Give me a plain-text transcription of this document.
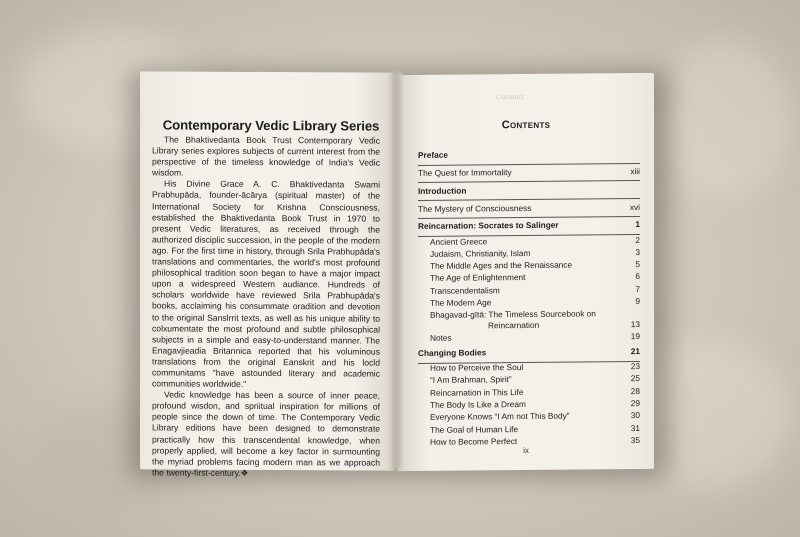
Contemporary Vedic Library Series

The Bhaktivedanta Book Trust Contemporary Vedic Library series explores subjects of current interest from the perspective of the timeless knowledge of India's Vedic wisdom.

His Divine Grace A. C. Bhaktivedanta Swami Prabhupāda, founder-ācārya (spiritual master) of the International Society for Krishna Consciousness, established the Bhaktivedanta Book Trust in 1970 to present Vedic literatures, as received through the authorized disciplic succession, in the people of the modern ago. For the first time in history, through Srila Prabhupāda's translations and commentaries, the world's most profound philosophical tradition soon began to have a major impact upon a widespreed Western audiance. Hundreds of scholars worldwide have reviewed Srila Prabhupāda's books, acclaiming his consummate oradition and devotion to the original Sanslrrit texts, as well as his unique ability to colxumentate the most profound and subtle philosophical subjects in a simple and easy-to-understand manner. The Enagavjieadia Britannica reported that his voluminous translations from the original Eanskrit and his locld communitams "have astounded literary and academic communities worldwide."

Vedic knowledge has been a source of inner peace, profound wisdon, and spriitual inspiration for millions of people since the down of time. The Contemporary Vedic Library editions have been designed to demonstrate practically how this transcendental knowledge, when properly applied, will become a key factor in surmounting the myriad problems facing modern man as we approach the twenty-first-century.❖

Contents
Contents
Preface
The Quest for Immortality	xiii
Introduction
The Mystery of Consciousness	xvi
Reincarnation: Socrates to Salinger	1
Ancient Greece	2
Judaism, Christianity, Islam	3
The Middle Ages and the Renaissance	5
The Age of Enlightenment	6
Transcendentalism	7
The Modern Age	9
Bhagavad-gītā: The Timeless Sourcebook on
Reincarnation	13
Notes	19
Changing Bodies	21
How to Perceive the Soul	23
“I Am Brahman, Spirit”	25
Reincarnation in This Life	28
The Body Is Like a Dream	29
Everyone Knows “I Am not This Body”	30
The Goal of Human Life	31
How to Become Perfect	35
ix
